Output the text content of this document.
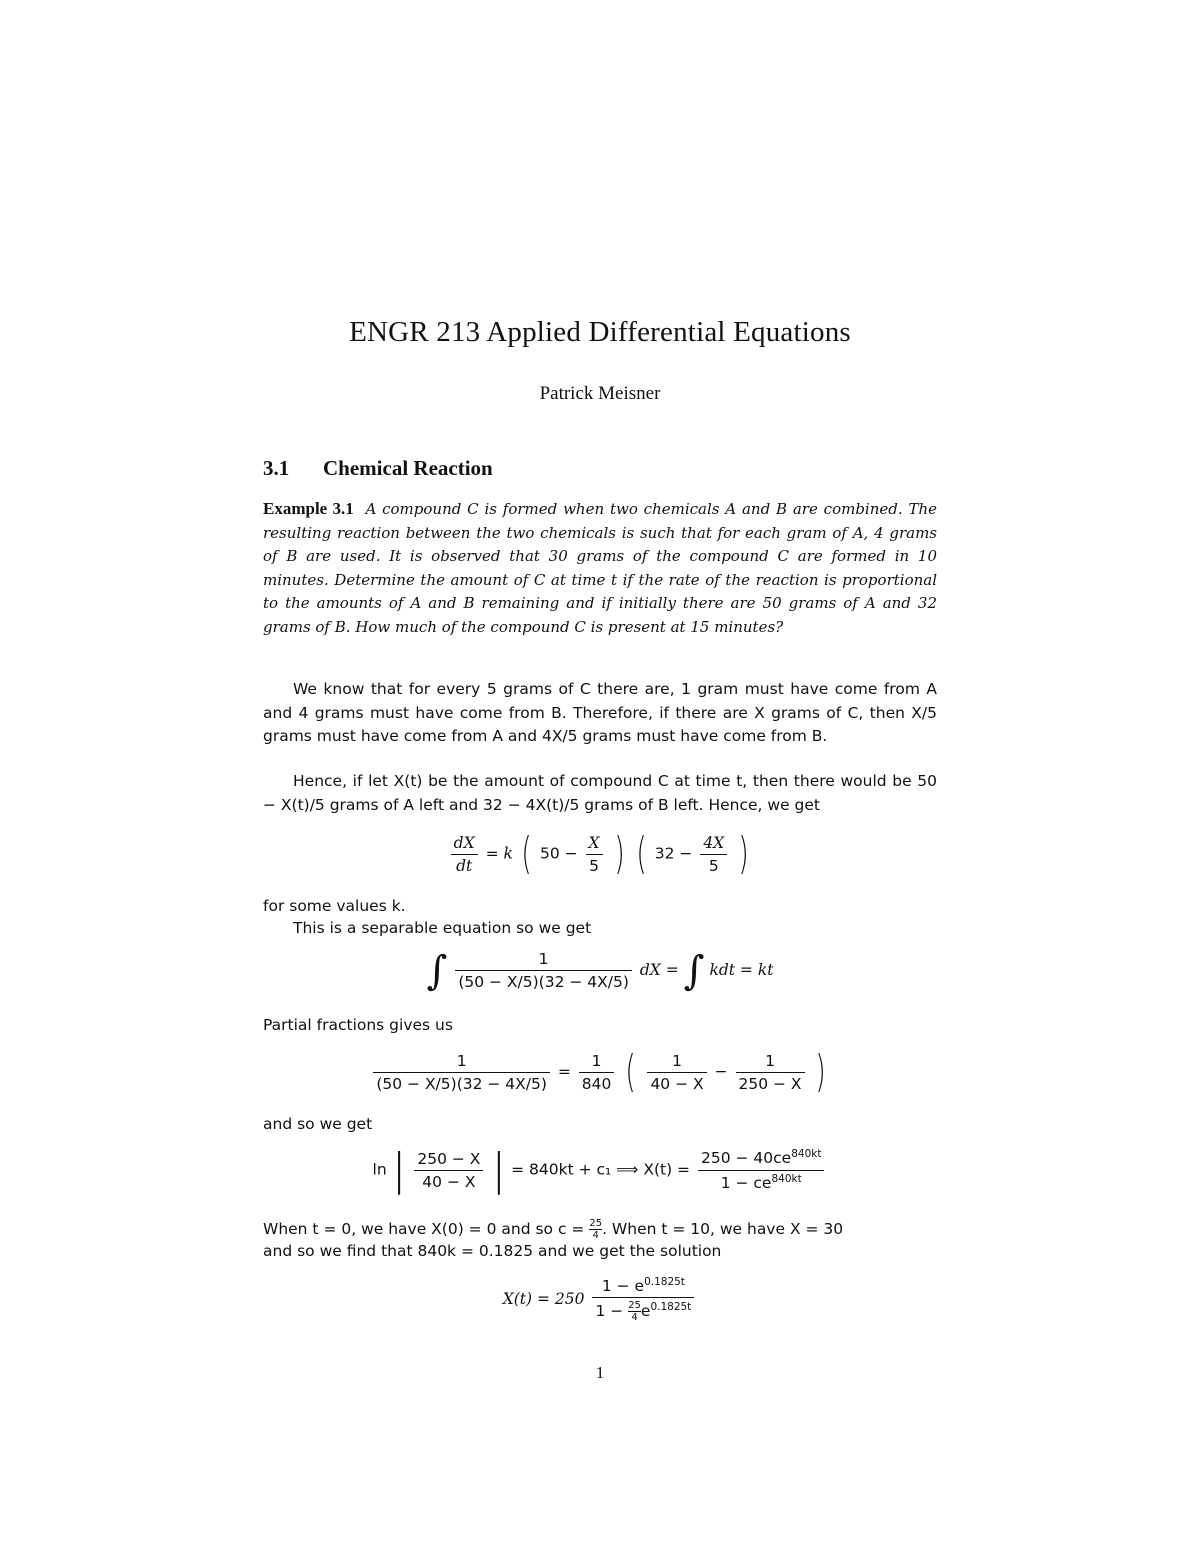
ENGR 213 Applied Differential Equations
Patrick Meisner
3.1 Chemical Reaction
Example 3.1 A compound C is formed when two chemicals A and B are combined. The resulting reaction between the two chemicals is such that for each gram of A, 4 grams of B are used. It is observed that 30 grams of the compound C are formed in 10 minutes. Determine the amount of C at time t if the rate of the reaction is proportional to the amounts of A and B remaining and if initially there are 50 grams of A and 32 grams of B. How much of the compound C is present at 15 minutes?
We know that for every 5 grams of C there are, 1 gram must have come from A and 4 grams must have come from B. Therefore, if there are X grams of C, then X/5 grams must have come from A and 4X/5 grams must have come from B.
Hence, if let X(t) be the amount of compound C at time t, then there would be 50 − X(t)/5 grams of A left and 32 − 4X(t)/5 grams of B left. Hence, we get
$\frac{dX}{dt} = k$ ( $50 - \frac{X}{5}$ ) ( $32 - \frac{4X}{5}$ )
for some values k.
This is a separable equation so we get
∫ $\frac{1}{(50 - X/5)(32 - 4X/5)}$ dX = ∫ kdt = kt
Partial fractions gives us
$\frac{1}{(50 - X/5)(32 - 4X/5)} = \frac{1}{840}$ ( $\frac{1}{40 - X} - \frac{1}{250 - X}$ )
and so we get
ln | $\frac{250 - X}{40 - X}$ | = 840kt + c₁ ⟹ $X(t) = \frac{250 - 40ce^{840kt}}{1 - ce^{840kt}}$
When t = 0, we have X(0) = 0 and so $c = \frac{25}{4}$ . When t = 10, we have X = 30
and so we find that 840k = 0.1825 and we get the solution
$X(t) = 250 \frac{1 - e^{0.1825t}}{1 - \frac{25}{4} e^{0.1825t}}$
1
